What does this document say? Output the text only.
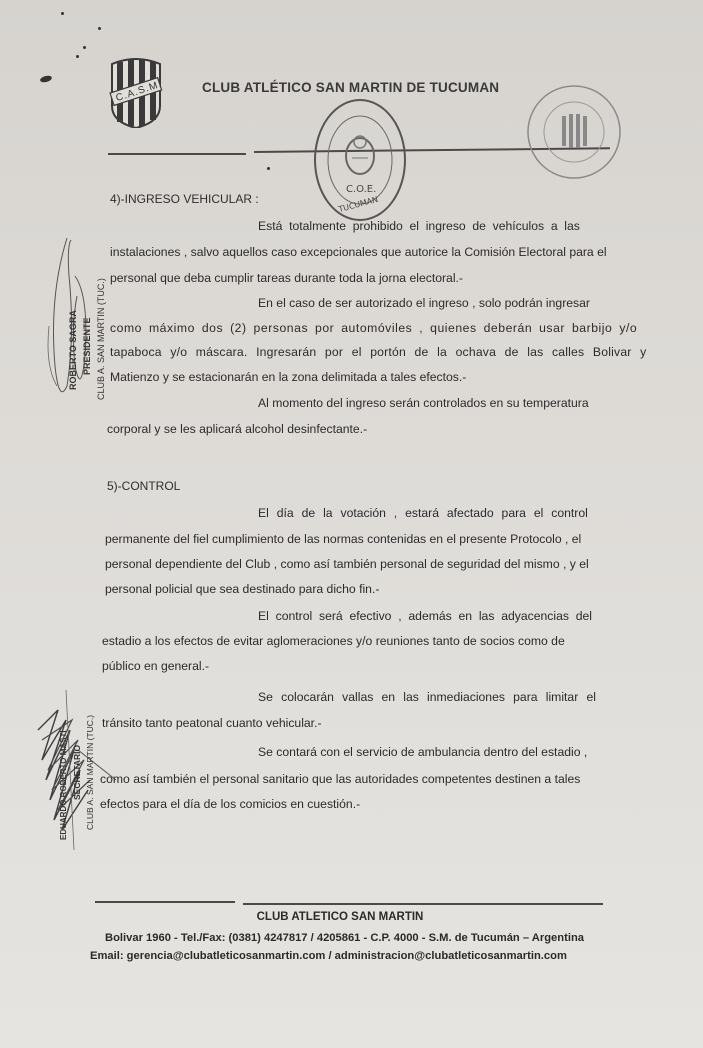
C.A.S.M.	CLUB ATLÉTICO SAN MARTIN DE TUCUMAN
C.O.E.
TUCUMAN
ROBERTO SAGRA PRESIDENTE CLUB A. SAN MARTIN (TUC.)
4)-INGRESO VEHICULAR :
Está totalmente prohibido el ingreso de vehículos a las
instalaciones , salvo aquellos caso excepcionales que autorice la Comisión Electoral para el
personal que deba cumplir tareas durante toda la jorna electoral.-
En el caso de ser autorizado el ingreso , solo podrán ingresar
como máximo dos (2) personas por automóviles , quienes deberán usar barbijo y/o
tapaboca y/o máscara. Ingresarán por el portón de la ochava de las calles Bolivar y
Matienzo y se estacionarán en la zona delimitada a tales efectos.-
Al momento del ingreso serán controlados en su temperatura
corporal y se les aplicará alcohol desinfectante.-
5)-CONTROL
El día de la votación , estará afectado para el control
permanente del fiel cumplimiento de las normas contenidas en el presente Protocolo , el
personal dependiente del Club , como así también personal de seguridad del mismo , y el
personal policial que sea destinado para dicho fin.-
El control será efectivo , además en las adyacencias del
estadio a los efectos de evitar aglomeraciones y/o reuniones tanto de socios como de
público en general.-
Se colocarán vallas en las inmediaciones para limitar el
tránsito tanto peatonal cuanto vehicular.-
Se contará con el servicio de ambulancia dentro del estadio ,
como así también el personal sanitario que las autoridades competentes destinen a tales
efectos para el día de los comicios en cuestión.-
EDUARDO ROBERTO MASTI SECRETARIO CLUB A. SAN MARTIN (TUC.)
CLUB ATLETICO SAN MARTIN
Bolivar 1960 - Tel./Fax: (0381) 4247817 / 4205861 - C.P. 4000 - S.M. de Tucumán – Argentina
Email: gerencia@clubatleticosanmartin.com / administracion@clubatleticosanmartin.com
